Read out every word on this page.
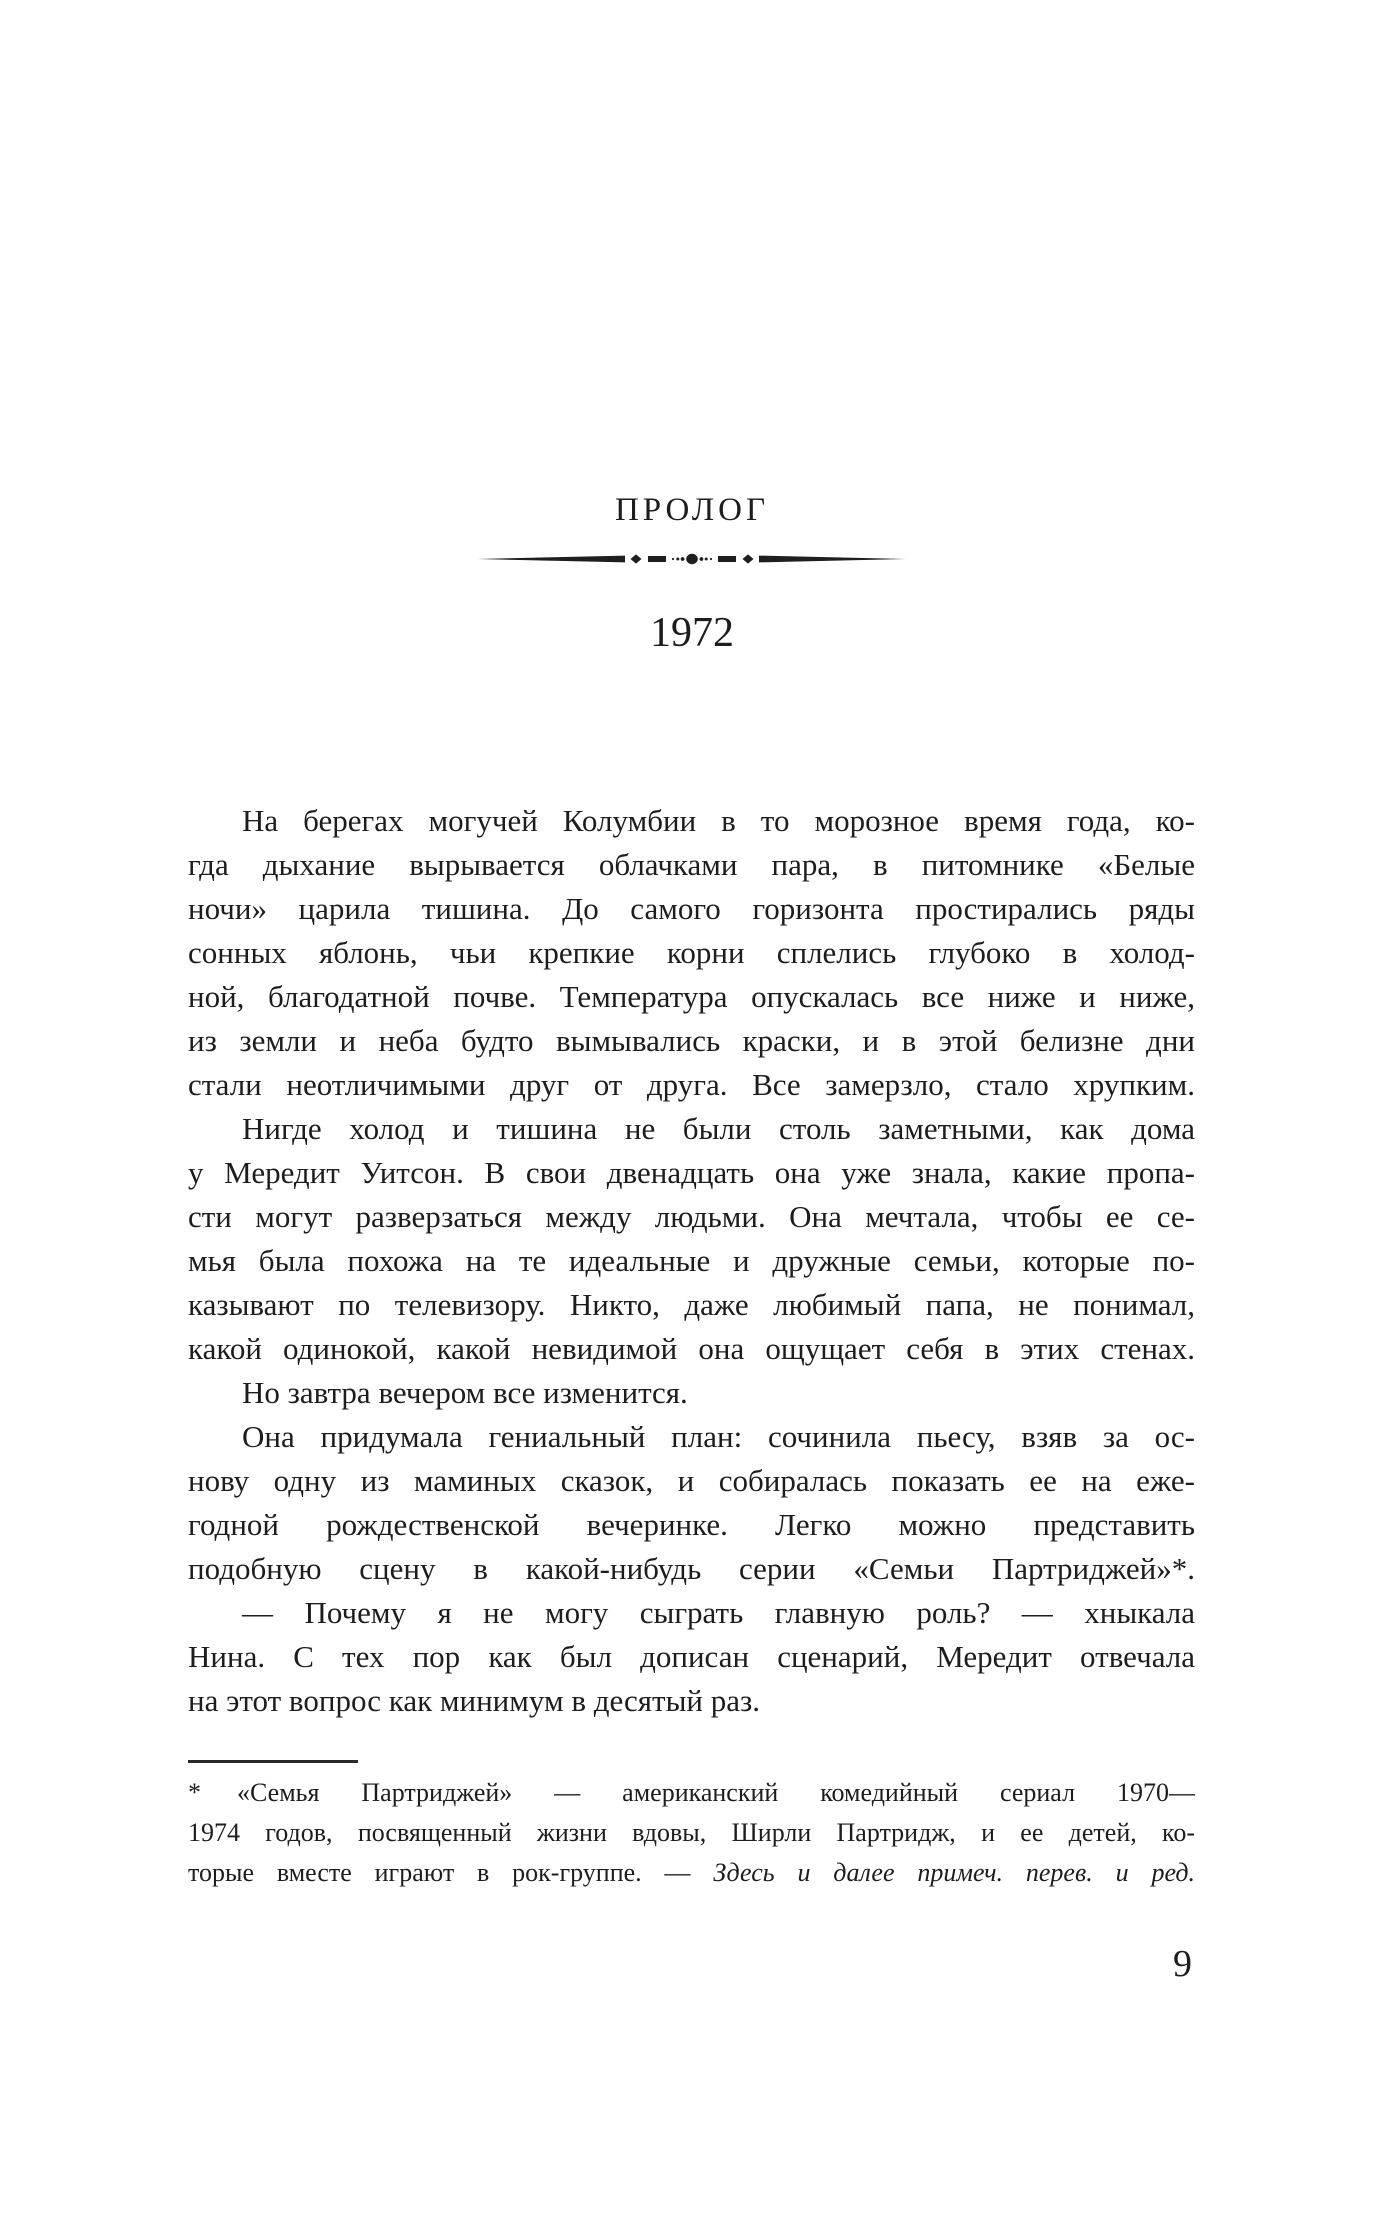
ПРОЛОГ
1972
На берегах могучей Колумбии в то морозное время года, ко-
гда дыхание вырывается облачками пара, в питомнике «Белые
ночи» царила тишина. До самого горизонта простирались ряды
сонных яблонь, чьи крепкие корни сплелись глубоко в холод-
ной, благодатной почве. Температура опускалась все ниже и ниже,
из земли и неба будто вымывались краски, и в этой белизне дни
стали неотличимыми друг от друга. Все замерзло, стало хрупким.
Нигде холод и тишина не были столь заметными, как дома
у Мередит Уитсон. В свои двенадцать она уже знала, какие пропа-
сти могут разверзаться между людьми. Она мечтала, чтобы ее се-
мья была похожа на те идеальные и дружные семьи, которые по-
казывают по телевизору. Никто, даже любимый папа, не понимал,
какой одинокой, какой невидимой она ощущает себя в этих стенах.
Но завтра вечером все изменится.
Она придумала гениальный план: сочинила пьесу, взяв за ос-
нову одну из маминых сказок, и собиралась показать ее на еже-
годной рождественской вечеринке. Легко можно представить
подобную сцену в какой-нибудь серии «Семьи Партриджей»*.
— Почему я не могу сыграть главную роль? — хныкала
Нина. С тех пор как был дописан сценарий, Мередит отвечала
на этот вопрос как минимум в десятый раз.
* «Семья Партриджей» — американский комедийный сериал 1970—
1974 годов, посвященный жизни вдовы, Ширли Партридж, и ее детей, ко-
торые вместе играют в рок-группе. — Здесь и далее примеч. перев. и ред.
9
